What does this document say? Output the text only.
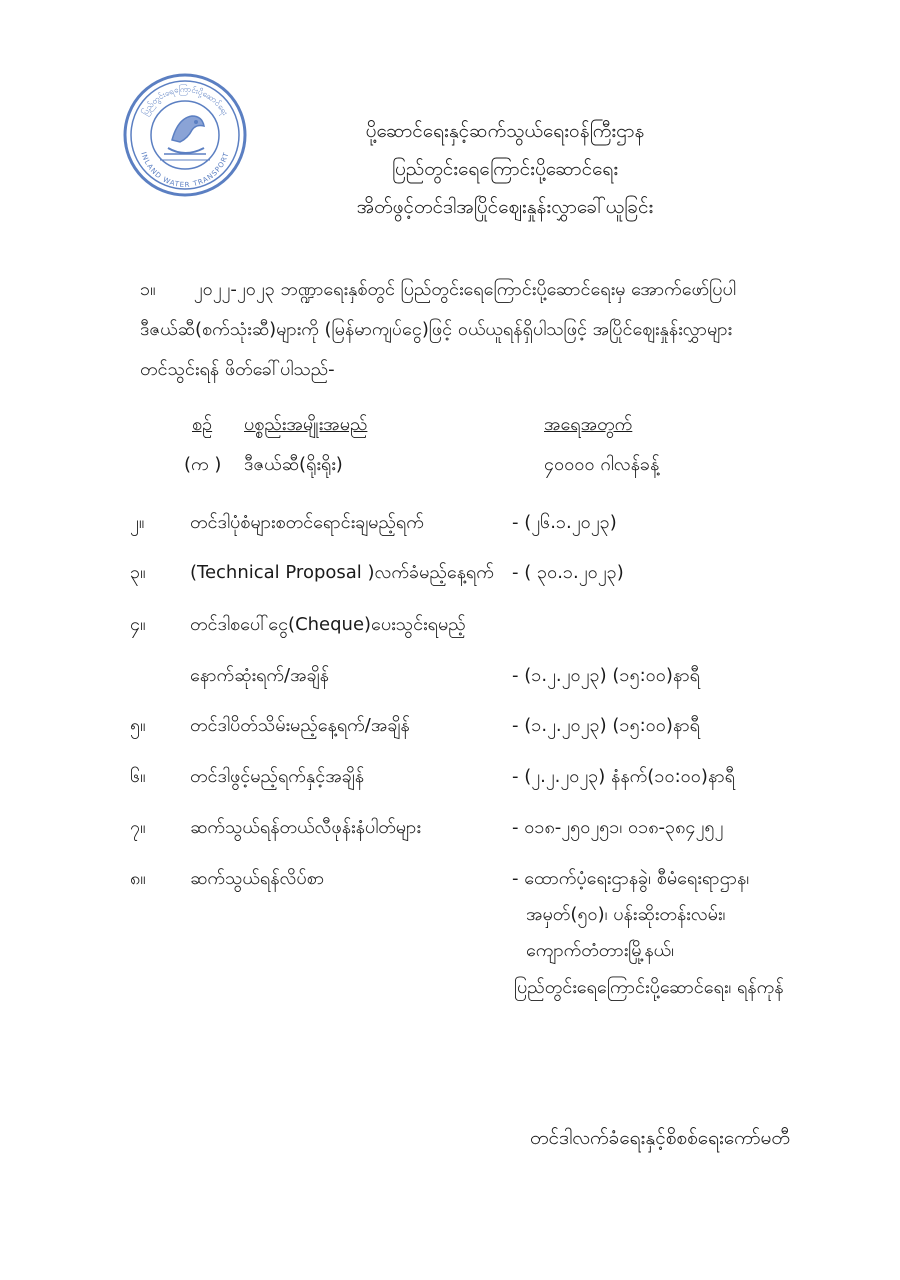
ပြည်တွင်းရေကြောင်းပို့ဆောင်ရေး
INLAND WATER TRANSPORT
ပို့ဆောင်ရေးနှင့်ဆက်သွယ်ရေးဝန်ကြီးဌာန
ပြည်တွင်းရေကြောင်းပို့ဆောင်ရေး
အိတ်ဖွင့်တင်ဒါအပြိုင်ဈေးနှုန်းလွှာခေါ်ယူခြင်း
၁။ ၂၀၂၂-၂၀၂၃ ဘဏ္ဍာရေးနှစ်တွင် ပြည်တွင်းရေကြောင်းပို့ဆောင်ရေးမှ အောက်ဖော်ပြပါ
ဒီဇယ်ဆီ(စက်သုံးဆီ)များကို (မြန်မာကျပ်ငွေ)ဖြင့် ဝယ်ယူရန်ရှိပါသဖြင့် အပြိုင်ဈေးနှုန်းလွှာများ
တင်သွင်းရန် ဖိတ်ခေါ်ပါသည်-
စဉ် ပစ္စည်းအမျိုးအမည်	အရေအတွက်
(က ) ဒီဇယ်ဆီ(ရိုးရိုး)	၄၀၀၀၀ ဂါလန်ခန့်
၂။	တင်ဒါပုံစံများစတင်ရောင်းချမည့်ရက်	- (၂၆.၁.၂၀၂၃)
၃။ (Technical Proposal )လက်ခံမည့်နေ့ရက် - ( ၃၀.၁.၂၀၂၃)
၄။ တင်ဒါစပေါ်ငွေ(Cheque)ပေးသွင်းရမည့်
နောက်ဆုံးရက်/အချိန်	- (၁.၂.၂၀၂၃) (၁၅:၀၀)နာရီ
၅။ တင်ဒါပိတ်သိမ်းမည့်နေ့ရက်/အချိန်	- (၁.၂.၂၀၂၃) (၁၅:၀၀)နာရီ
၆။ တင်ဒါဖွင့်မည့်ရက်နှင့်အချိန်	- (၂.၂.၂၀၂၃) နံနက်(၁၀:၀၀)နာရီ
၇။ ဆက်သွယ်ရန်တယ်လီဖုန်းနံပါတ်များ	- ၀၁၈-၂၅၀၂၅၁၊ ၀၁၈-၃၈၄၂၅၂
၈။ ဆက်သွယ်ရန်လိပ်စာ	- ထောက်ပံ့ရေးဌာနခွဲ၊ စီမံရေးရာဌာန၊
အမှတ်(၅၀)၊ ပန်းဆိုးတန်းလမ်း၊
ကျောက်တံတားမြို့နယ်၊
ပြည်တွင်းရေကြောင်းပို့ဆောင်ရေး၊ ရန်ကုန်
တင်ဒါလက်ခံရေးနှင့်စိစစ်ရေးကော်မတီ
